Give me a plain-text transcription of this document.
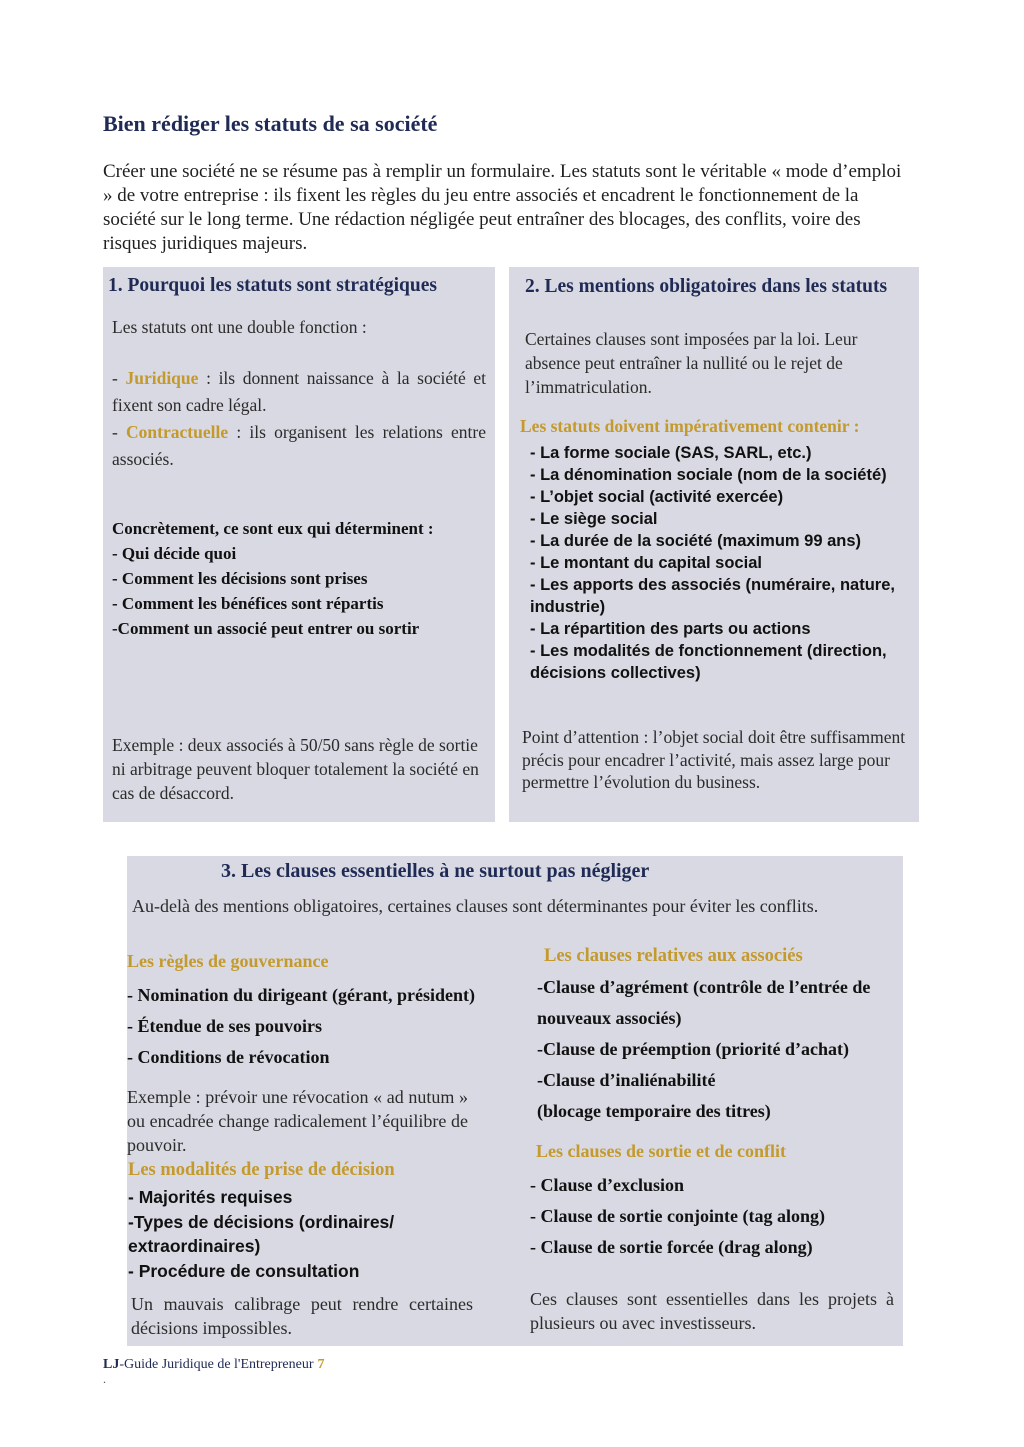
Bien rédiger les statuts de sa société
Créer une société ne se résume pas à remplir un formulaire. Les statuts sont le véritable « mode d’emploi » de votre entreprise : ils fixent les règles du jeu entre associés et encadrent le fonctionnement de la société sur le long terme. Une rédaction négligée peut entraîner des blocages, des conflits, voire des risques juridiques majeurs.
1. Pourquoi les statuts sont stratégiques

Les statuts ont une double fonction :

- Juridique : ils donnent naissance à la société et fixent son cadre légal.

- Contractuelle : ils organisent les relations entre associés.

Concrètement, ce sont eux qui déterminent :

- Qui décide quoi

- Comment les décisions sont prises

- Comment les bénéfices sont répartis

-Comment un associé peut entrer ou sortir

Exemple : deux associés à 50/50 sans règle de sortie ni arbitrage peuvent bloquer totalement la société en cas de désaccord.
2. Les mentions obligatoires dans les statuts
Certaines clauses sont imposées par la loi. Leur absence peut entraîner la nullité ou le rejet de l’immatriculation.
Les statuts doivent impérativement contenir :

- La forme sociale (SAS, SARL, etc.)

- La dénomination sociale (nom de la société)

- L’objet social (activité exercée)

- Le siège social

- La durée de la société (maximum 99 ans)

- Le montant du capital social

- Les apports des associés (numéraire, nature, industrie)

- La répartition des parts ou actions

- Les modalités de fonctionnement (direction, décisions collectives)

Point d’attention : l’objet social doit être suffisamment précis pour encadrer l’activité, mais assez large pour permettre l’évolution du business.
3. Les clauses essentielles à ne surtout pas négliger
Au-delà des mentions obligatoires, certaines clauses sont déterminantes pour éviter les conflits.
Les règles de gouvernance

- Nomination du dirigeant (gérant, président)

- Étendue de ses pouvoirs

- Conditions de révocation

Exemple : prévoir une révocation « ad nutum » ou encadrée change radicalement l’équilibre de pouvoir.
Les modalités de prise de décision

- Majorités requises

-Types de décisions (ordinaires/ extraordinaires)

- Procédure de consultation

Un mauvais calibrage peut rendre certaines décisions impossibles.
Les clauses relatives aux associés

-Clause d’agrément (contrôle de l’entrée de nouveaux associés)

-Clause de préemption (priorité d’achat)

-Clause d’inaliénabilité

(blocage temporaire des titres)

Les clauses de sortie et de conflit

- Clause d’exclusion

- Clause de sortie conjointe (tag along)

- Clause de sortie forcée (drag along)

Ces clauses sont essentielles dans les projets à plusieurs ou avec investisseurs.
LJ-Guide Juridique de l'Entrepreneur 7
.
